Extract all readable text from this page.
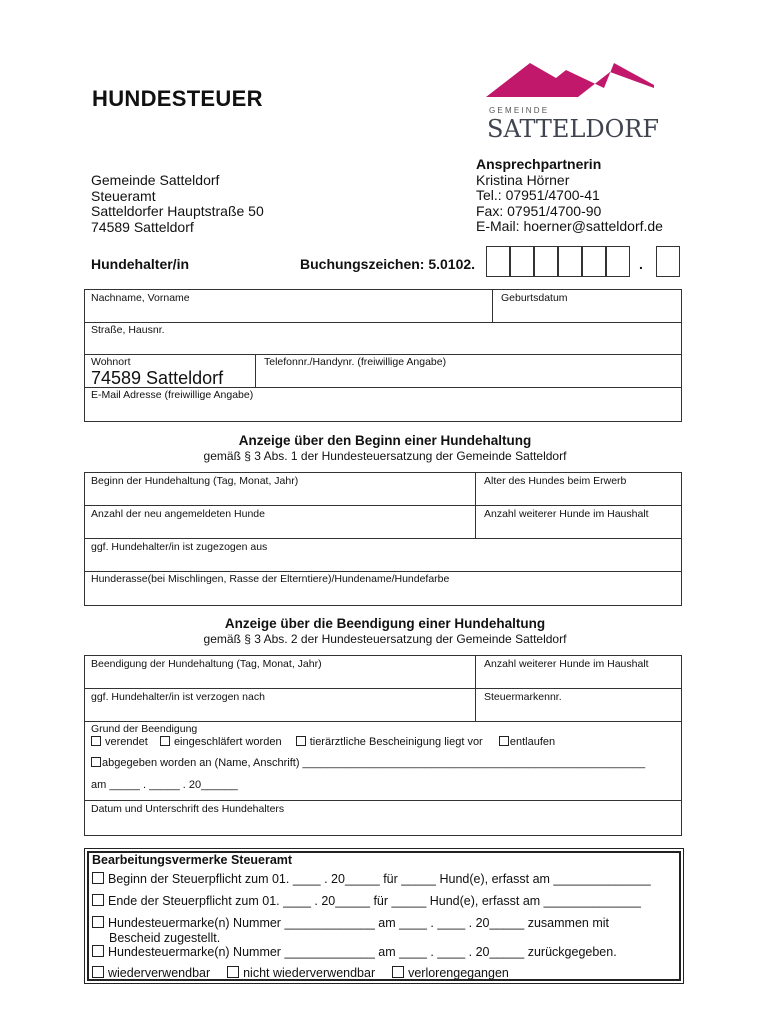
HUNDESTEUER	GEMEINDE
SATTELDORF
Gemeinde Satteldorf
Steueramt
Satteldorfer Hauptstraße 50
74589 Satteldorf
Ansprechpartnerin
Kristina Hörner
Tel.: 07951/4700-41
Fax: 07951/4700-90
E-Mail: hoerner@satteldorf.de
Hundehalter/in	Buchungszeichen: 5.0102.	.
Nachname, Vorname	Geburtsdatum
Straße, Hausnr.
Wohnort
74589 Satteldorf
Telefonnr./Handynr. (freiwillige Angabe)
E-Mail Adresse (freiwillige Angabe)
Anzeige über den Beginn einer Hundehaltung
gemäß § 3 Abs. 1 der Hundesteuersatzung der Gemeinde Satteldorf
Beginn der Hundehaltung (Tag, Monat, Jahr)	Alter des Hundes beim Erwerb
Anzahl der neu angemeldeten Hunde	Anzahl weiterer Hunde im Haushalt
ggf. Hundehalter/in ist zugezogen aus
Hunderasse(bei Mischlingen, Rasse der Elterntiere)/Hundename/Hundefarbe
Anzeige über die Beendigung einer Hundehaltung
gemäß § 3 Abs. 2 der Hundesteuersatzung der Gemeinde Satteldorf
Beendigung der Hundehaltung (Tag, Monat, Jahr)	Anzahl weiterer Hunde im Haushalt
ggf. Hundehalter/in ist verzogen nach	Steuermarkennr.
Grund der Beendigung
verendet eingeschläfert worden	tierärztliche Bescheinigung liegt vor entlaufen
abgegeben worden an (Name, Anschrift) ________________________________________________________
am _____ . _____ . 20______
Datum und Unterschrift des Hundehalters
Bearbeitungsvermerke Steueramt
Beginn der Steuerpflicht zum 01. ____ . 20_____ für _____ Hund(e), erfasst am ______________
Ende der Steuerpflicht zum 01. ____ . 20_____ für _____ Hund(e), erfasst am ______________
Hundesteuermarke(n) Nummer _____________ am ____ . ____ . 20_____ zusammen mit
Bescheid zugestellt.
Hundesteuermarke(n) Nummer _____________ am ____ . ____ . 20_____ zurückgegeben.
wiederverwendbar	nicht wiederverwendbar	verlorengegangen
